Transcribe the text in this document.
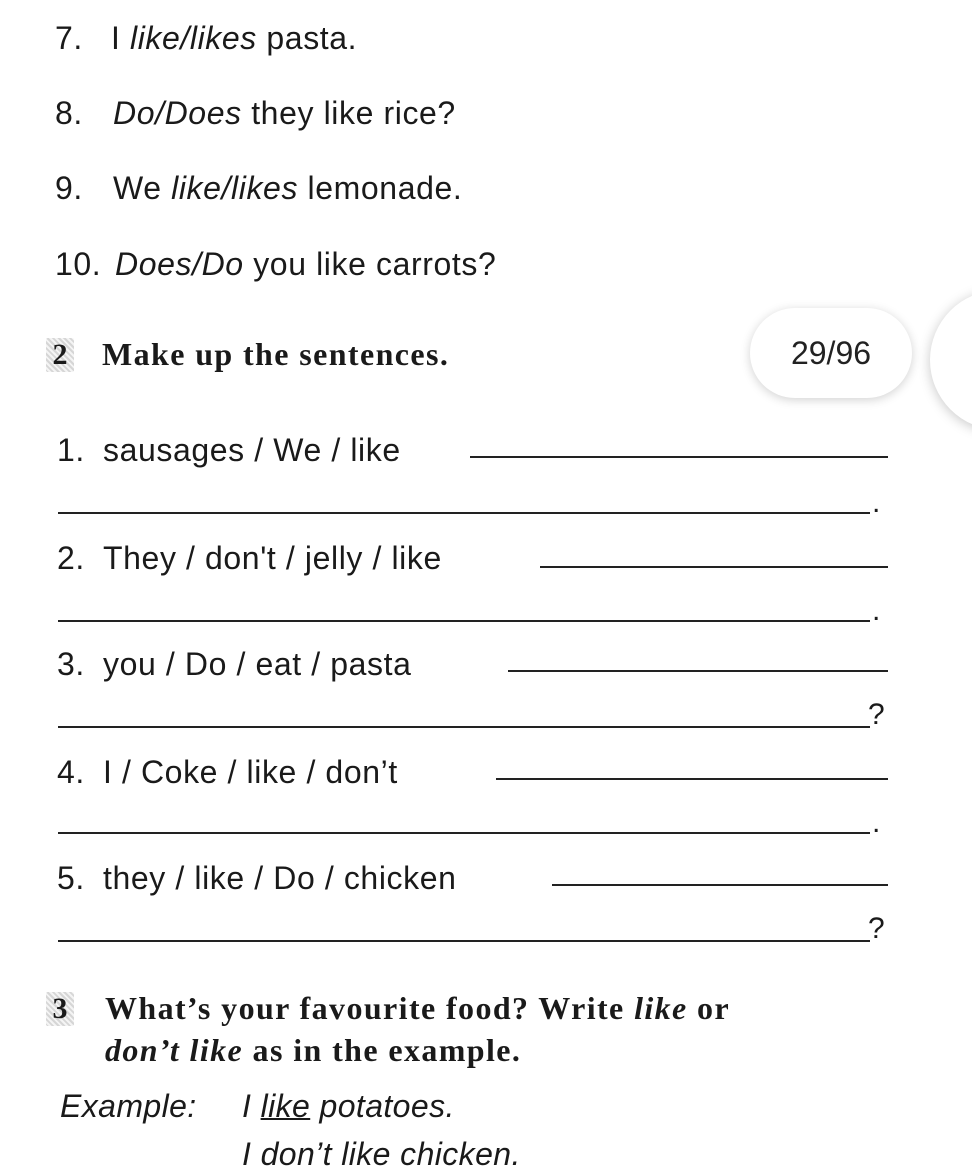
7. I like/likes pasta.
8. Do/Does they like rice?
9. We like/likes lemonade.
10. Does/Do you like carrots?
2 Make up the sentences.	29/96
1. sausages / We / like
.
2. They / don't / jelly / like
.
3. you / Do / eat / pasta
?
4. I / Coke / like / don’t
.
5. they / like / Do / chicken
?
3 What’s your favourite food? Write like or
don’t like as in the example.
Example: I like potatoes.
I don’t like chicken.
